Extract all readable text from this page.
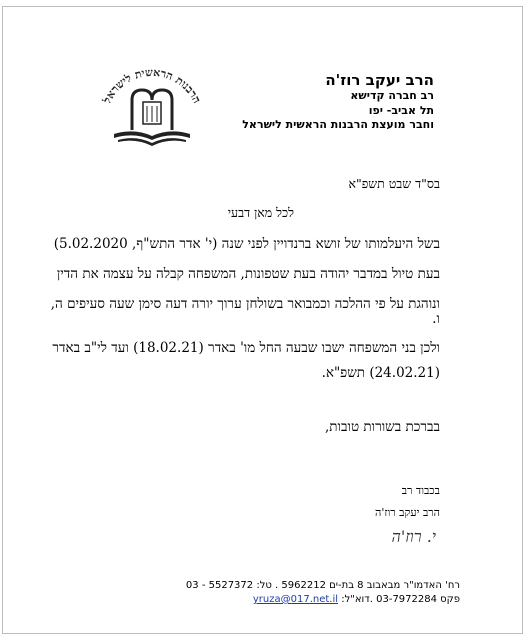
הרבנות הראשית לישראל
הרב יעקב רוז'ה
רב חברה קדישא
תל אביב- יפו
וחבר מועצת הרבנות הראשית לישראל
בס"ד שבט תשפ"א
לכל מאן דבעי
בשל היעלמותו של זושא ברנדויין לפני שנה (י' אדר התש"ף, 5.02.2020)
בעת טיול במדבר יהודה בעת שטפונות, המשפחה קבלה על עצמה את הדין
ונוהגת על פי ההלכה וכמבואר בשולחן ערוך יורה דעה סימן שעה סעיפים ה,
ו.
ולכן בני המשפחה ישבו שבעה החל מו' באדר (18.02.21) ועד לי"ב באדר
(24.02.21) תשפ"א.
בברכת בשורות טובות,
בכבוד רב
הרב יעקב רוז'ה
י. רוז'ה
רח' האדמו"ר מבאבוב 8 בת-ים 5962212 . טל: 5527372 - 03
פקס 03-7972284 .דוא"ל: yruza@017.net.il
